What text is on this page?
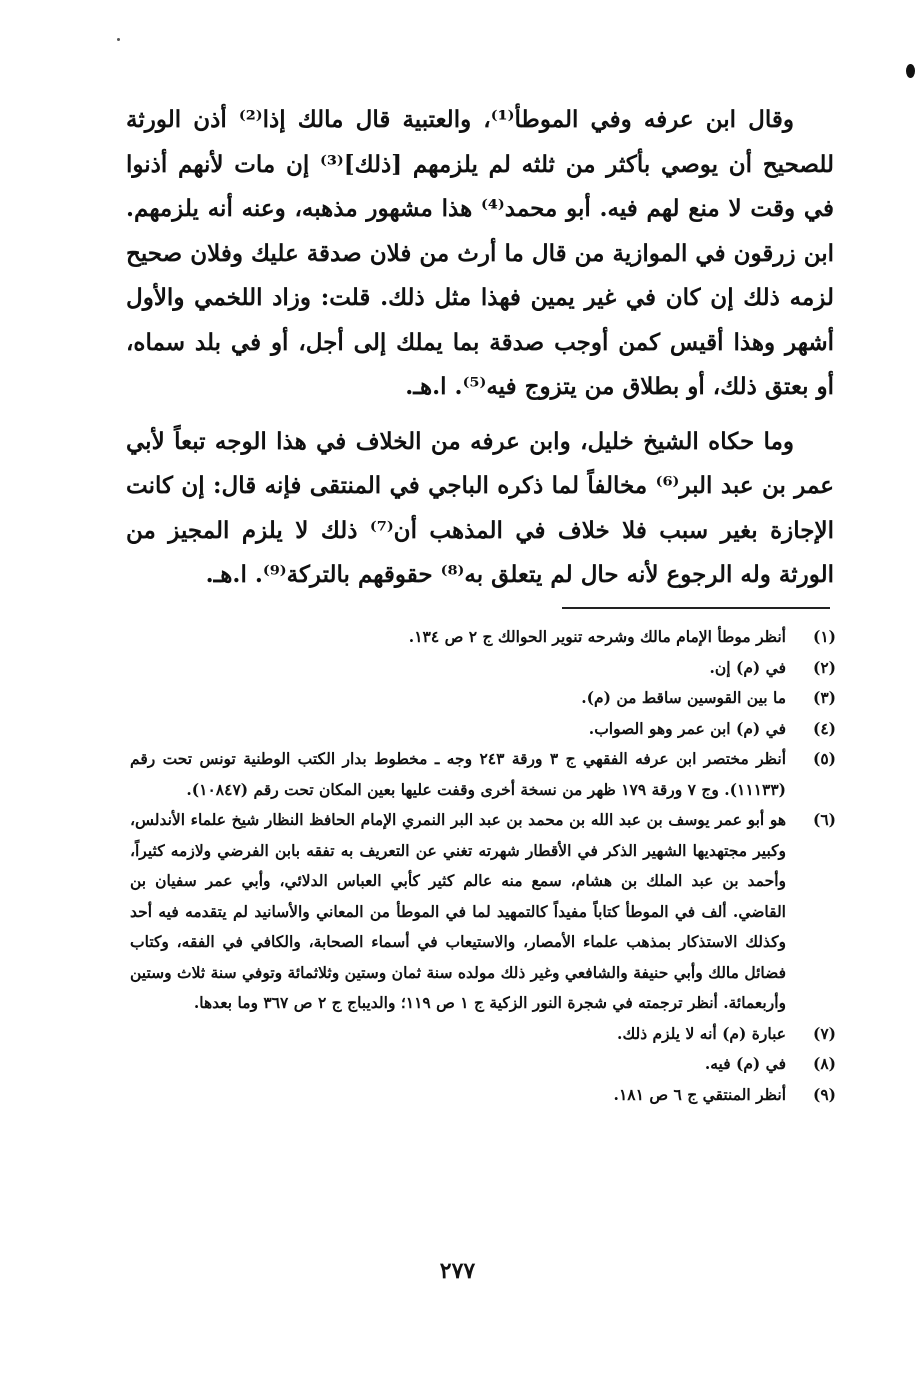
وقال ابن عرفه وفي الموطأ⁽¹⁾، والعتبية قال مالك إذا⁽²⁾ أذن الورثة للصحيح أن يوصي بأكثر من ثلثه لم يلزمهم [ذلك]⁽³⁾ إن مات لأنهم أذنوا في وقت لا منع لهم فيه. أبو محمد⁽⁴⁾ هذا مشهور مذهبه، وعنه أنه يلزمهم. ابن زرقون في الموازية من قال ما أرث من فلان صدقة عليك وفلان صحيح لزمه ذلك إن كان في غير يمين فهذا مثل ذلك. قلت: وزاد اللخمي والأول أشهر وهذا أقيس كمن أوجب صدقة بما يملك إلى أجل، أو في بلد سماه، أو بعتق ذلك، أو بطلاق من يتزوج فيه⁽⁵⁾. ا.هـ.

وما حكاه الشيخ خليل، وابن عرفه من الخلاف في هذا الوجه تبعاً لأبي عمر بن عبد البر⁽⁶⁾ مخالفاً لما ذكره الباجي في المنتقى فإنه قال: إن كانت الإجازة بغير سبب فلا خلاف في المذهب أن⁽⁷⁾ ذلك لا يلزم المجيز من الورثة وله الرجوع لأنه حال لم يتعلق به⁽⁸⁾ حقوقهم بالتركة⁽⁹⁾. ا.هـ.

(١)
أنظر موطأ الإمام مالك وشرحه تنوير الحوالك ج ٢ ص ١٣٤.
(٢)
في (م) إن.
(٣)
ما بين القوسين ساقط من (م).
(٤)
في (م) ابن عمر وهو الصواب.
(٥)
أنظر مختصر ابن عرفه الفقهي ج ٣ ورقة ٢٤٣ وجه ـ مخطوط بدار الكتب الوطنية تونس تحت رقم (١١١٣٣). وج ٧ ورقة ١٧٩ ظهر من نسخة أخرى وقفت عليها بعين المكان تحت رقم (١٠٨٤٧).
(٦)
هو أبو عمر يوسف بن عبد الله بن محمد بن عبد البر النمري الإمام الحافظ النظار شيخ علماء الأندلس، وكبير مجتهديها الشهير الذكر في الأقطار شهرته تغني عن التعريف به تفقه بابن الفرضي ولازمه كثيراً، وأحمد بن عبد الملك بن هشام، سمع منه عالم كثير كأبي العباس الدلائي، وأبي عمر سفيان بن القاضي. ألف في الموطأ كتاباً مفيداً كالتمهيد لما في الموطأ من المعاني والأسانيد لم يتقدمه فيه أحد وكذلك الاستذكار بمذهب علماء الأمصار، والاستيعاب في أسماء الصحابة، والكافي في الفقه، وكتاب فضائل مالك وأبي حنيفة والشافعي وغير ذلك مولده سنة ثمان وستين وثلاثمائة وتوفي سنة ثلاث وستين وأربعمائة. أنظر ترجمته في شجرة النور الزكية ج ١ ص ١١٩؛ والديباج ج ٢ ص ٣٦٧ وما بعدها.
(٧)
عبارة (م) أنه لا يلزم ذلك.
(٨)
في (م) فيه.
(٩)
أنظر المنتقي ج ٦ ص ١٨١.
٢٧٧
